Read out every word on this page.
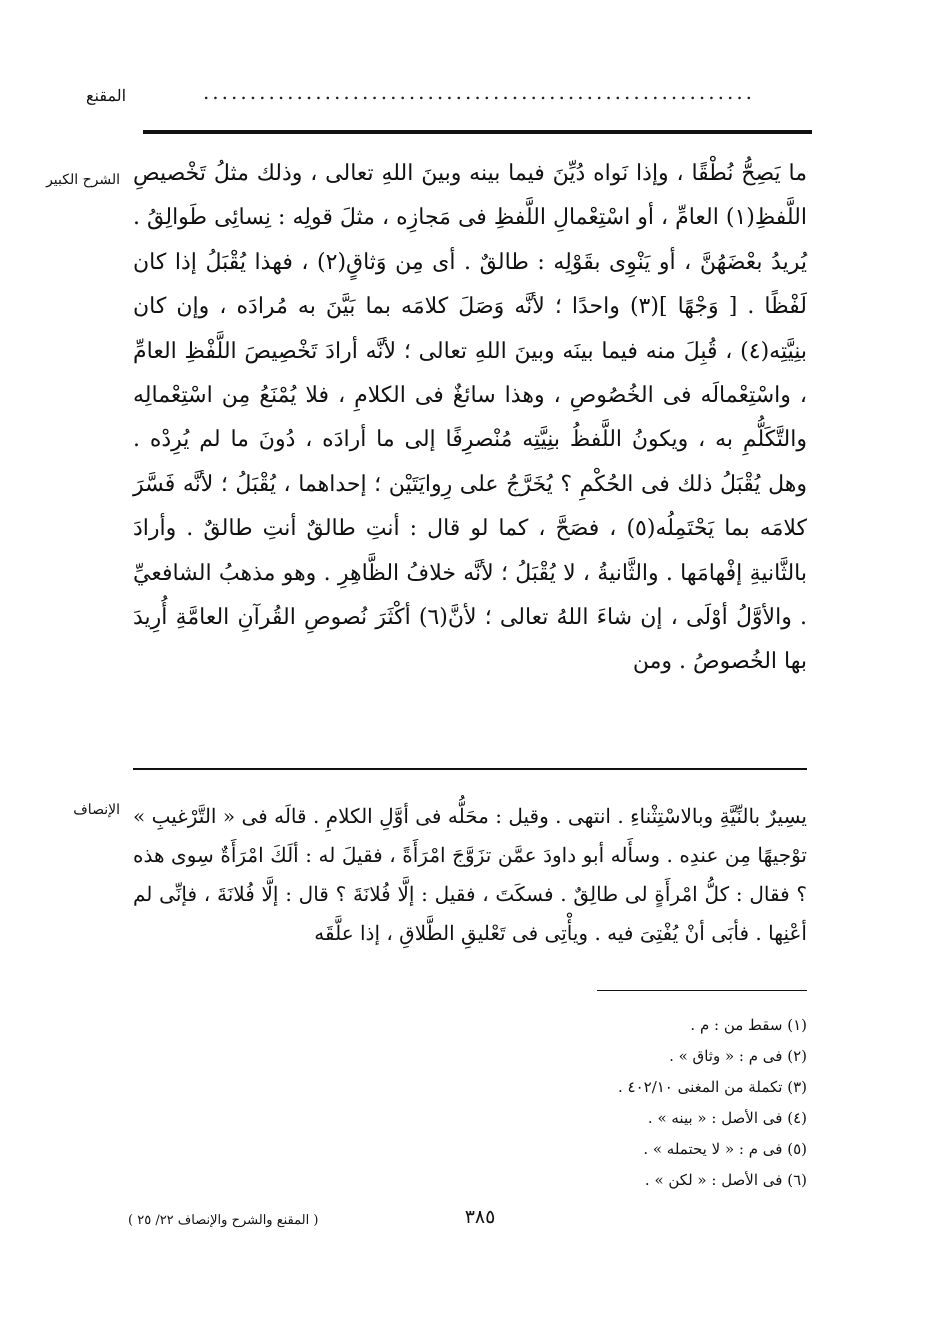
المقنع	...........................................................
الشرح الكبير ما يَصِحُّ نُطْقًا ، وإذا نَواه دُيِّنَ فيما بينه وبينَ اللهِ تعالى ، وذلك مثلُ تَخْصيصِ اللَّفظِ(١) العامِّ ، أو اسْتِعْمالِ اللَّفظِ فى مَجازِه ، مثلَ قولِه : نِسائِى طَوالِقُ . يُريدُ بعْضَهُنَّ ، أو يَنْوِى بقَوْلِه : طالقٌ . أى مِن وَثاقٍ(٢) ، فهذا يُقْبَلُ إذا كان لَفْظًا . [ وَجْهًا ](٣) واحدًا ؛ لأنَّه وَصَلَ كلامَه بما بَيَّنَ به مُرادَه ، وإن كان بنِيَّتِه(٤) ، قُبِلَ منه فيما بينَه وبينَ اللهِ تعالى ؛ لأنَّه أرادَ تَخْصِيصَ اللَّفْظِ العامِّ ، واسْتِعْمالَه فى الخُصُوصِ ، وهذا سائغٌ فى الكلامِ ، فلا يُمْنَعُ مِن اسْتِعْمالِه والتَّكَلُّمِ به ، ويكونُ اللَّفظُ بنِيَّتِه مُنْصرِفًا إلى ما أرادَه ، دُونَ ما لم يُرِدْه . وهل يُقْبَلُ ذلك فى الحُكْمِ ؟ يُخَرَّجُ على رِوايَتَيْن ؛ إحداهما ، يُقْبَلُ ؛ لأنَّه فَسَّرَ كلامَه بما يَحْتَمِلُه(٥) ، فصَحَّ ، كما لو قال : أنتِ طالقٌ أنتِ طالقٌ . وأرادَ بالثَّانيةِ إفْهامَها . والثَّانيةُ ، لا يُقْبَلُ ؛ لأنَّه خلافُ الظَّاهِرِ . وهو مذهبُ الشافعيِّ . والأوَّلُ أوْلَى ، إن شاءَ اللهُ تعالى ؛ لأنَّ(٦) أكْثَرَ نُصوصِ القُرآنِ العامَّةِ أُرِيدَ بها الخُصوصُ . ومن

الإنصاف يسِيرٌ بالنِّيَّةِ وبالاسْتِثْناءِ . انتهى . وقيل : محَلُّه فى أوَّلِ الكلامِ . قالَه فى « التَّرْغيبِ » توْجيهًا مِن عندِه . وسأَله أبو داودَ عمَّن تزَوَّجَ امْرَأَةً ، فقيلَ له : ألَكَ امْرَأَةٌ سِوى هذه ؟ فقال : كلُّ امْرأَةٍ لى طالِقٌ . فسكَتَ ، فقيل : إلَّا فُلانَةَ ؟ قال : إلَّا فُلانَةَ ، فإنِّى لم أعْنِها . فأبَى أنْ يُفْتِىَ فيه . ويأْتِى فى تَعْليقِ الطَّلاقِ ، إذا علَّقَه

(١) سقط من : م .
(٢) فى م : « وثاق » .
(٣) تكملة من المغنى ٤٠٢/١٠ .
(٤) فى الأصل : « بينه » .
(٥) فى م : « لا يحتمله » .
(٦) فى الأصل : « لكن » .
٣٨٥
( المقنع والشرح والإنصاف ٢٢/ ٢٥ )
